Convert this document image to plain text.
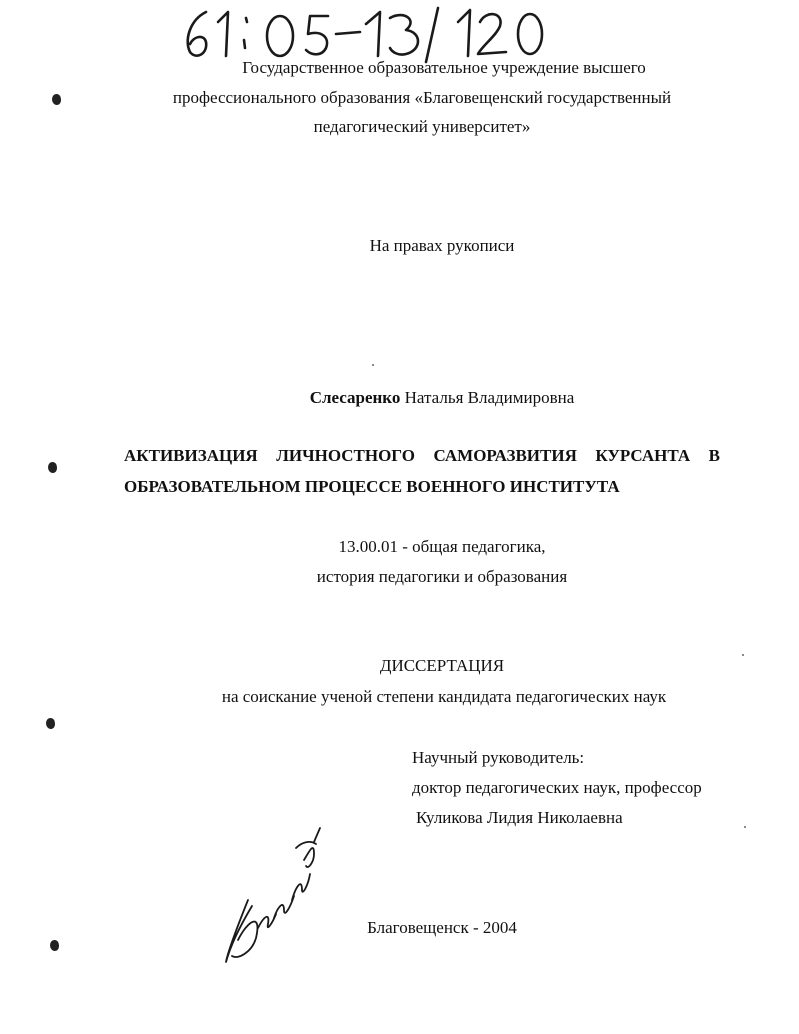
Государственное образовательное учреждение высшего
профессионального образования «Благовещенский государственный
педагогический университет»
На правах рукописи
Слесаренко Наталья Владимировна
АКТИВИЗАЦИЯ ЛИЧНОСТНОГО САМОРАЗВИТИЯ КУРСАНТА В
ОБРАЗОВАТЕЛЬНОМ ПРОЦЕССЕ ВОЕННОГО ИНСТИТУТА
13.00.01 - общая педагогика,
история педагогики и образования
ДИССЕРТАЦИЯ
на соискание ученой степени кандидата педагогических наук
Научный руководитель:
доктор педагогических наук, профессор
Куликова Лидия Николаевна
Благовещенск - 2004
